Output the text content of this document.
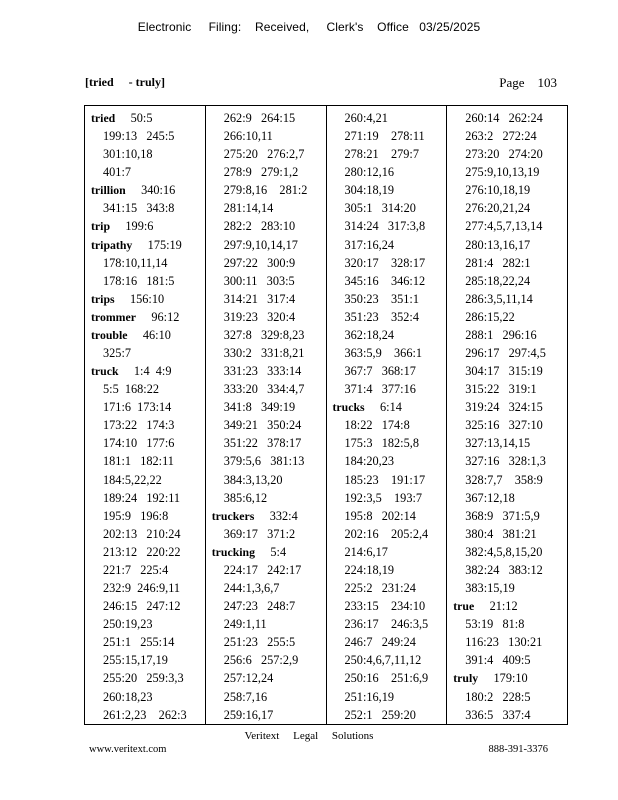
Electronic     Filing:    Received,     Clerk's    Office   03/25/2025
[tried     - truly]	Page    103
tried 50:5
199:13   245:5
301:10,18
401:7
trillion 340:16
341:15   343:8
trip 199:6
tripathy 175:19
178:10,11,14
178:16   181:5
trips 156:10
trommer 96:12
trouble 46:10
325:7
truck 1:4  4:9
5:5  168:22
171:6  173:14
173:22   174:3
174:10   177:6
181:1   182:11
184:5,22,22
189:24   192:11
195:9   196:8
202:13   210:24
213:12   220:22
221:7   225:4
232:9  246:9,11
246:15   247:12
250:19,23
251:1   255:14
255:15,17,19
255:20   259:3,3
260:18,23
261:2,23    262:3
262:9   264:15
266:10,11
275:20   276:2,7
278:9   279:1,2
279:8,16    281:2
281:14,14
282:2   283:10
297:9,10,14,17
297:22   300:9
300:11   303:5
314:21   317:4
319:23   320:4
327:8   329:8,23
330:2   331:8,21
331:23   333:14
333:20   334:4,7
341:8   349:19
349:21   350:24
351:22   378:17
379:5,6   381:13
384:3,13,20
385:6,12
truckers 332:4
369:17   371:2
trucking 5:4
224:17   242:17
244:1,3,6,7
247:23   248:7
249:1,11
251:23   255:5
256:6   257:2,9
257:12,24
258:7,16
259:16,17
260:4,21
271:19    278:11
278:21    279:7
280:12,16
304:18,19
305:1   314:20
314:24   317:3,8
317:16,24
320:17    328:17
345:16    346:12
350:23    351:1
351:23    352:4
362:18,24
363:5,9    366:1
367:7   368:17
371:4   377:16
trucks 6:14
18:22   174:8
175:3   182:5,8
184:20,23
185:23    191:17
192:3,5    193:7
195:8   202:14
202:16    205:2,4
214:6,17
224:18,19
225:2   231:24
233:15    234:10
236:17    246:3,5
246:7   249:24
250:4,6,7,11,12
250:16    251:6,9
251:16,19
252:1   259:20
260:14   262:24
263:2   272:24
273:20   274:20
275:9,10,13,19
276:10,18,19
276:20,21,24
277:4,5,7,13,14
280:13,16,17
281:4   282:1
285:18,22,24
286:3,5,11,14
286:15,22
288:1   296:16
296:17   297:4,5
304:17   315:19
315:22   319:1
319:24   324:15
325:16   327:10
327:13,14,15
327:16   328:1,3
328:7,7    358:9
367:12,18
368:9   371:5,9
380:4   381:21
382:4,5,8,15,20
382:24   383:12
383:15,19
true 21:12
53:19   81:8
116:23   130:21
391:4   409:5
truly 179:10
180:2   228:5
336:5   337:4
Veritext     Legal     Solutions
www.veritext.com	888-391-3376
